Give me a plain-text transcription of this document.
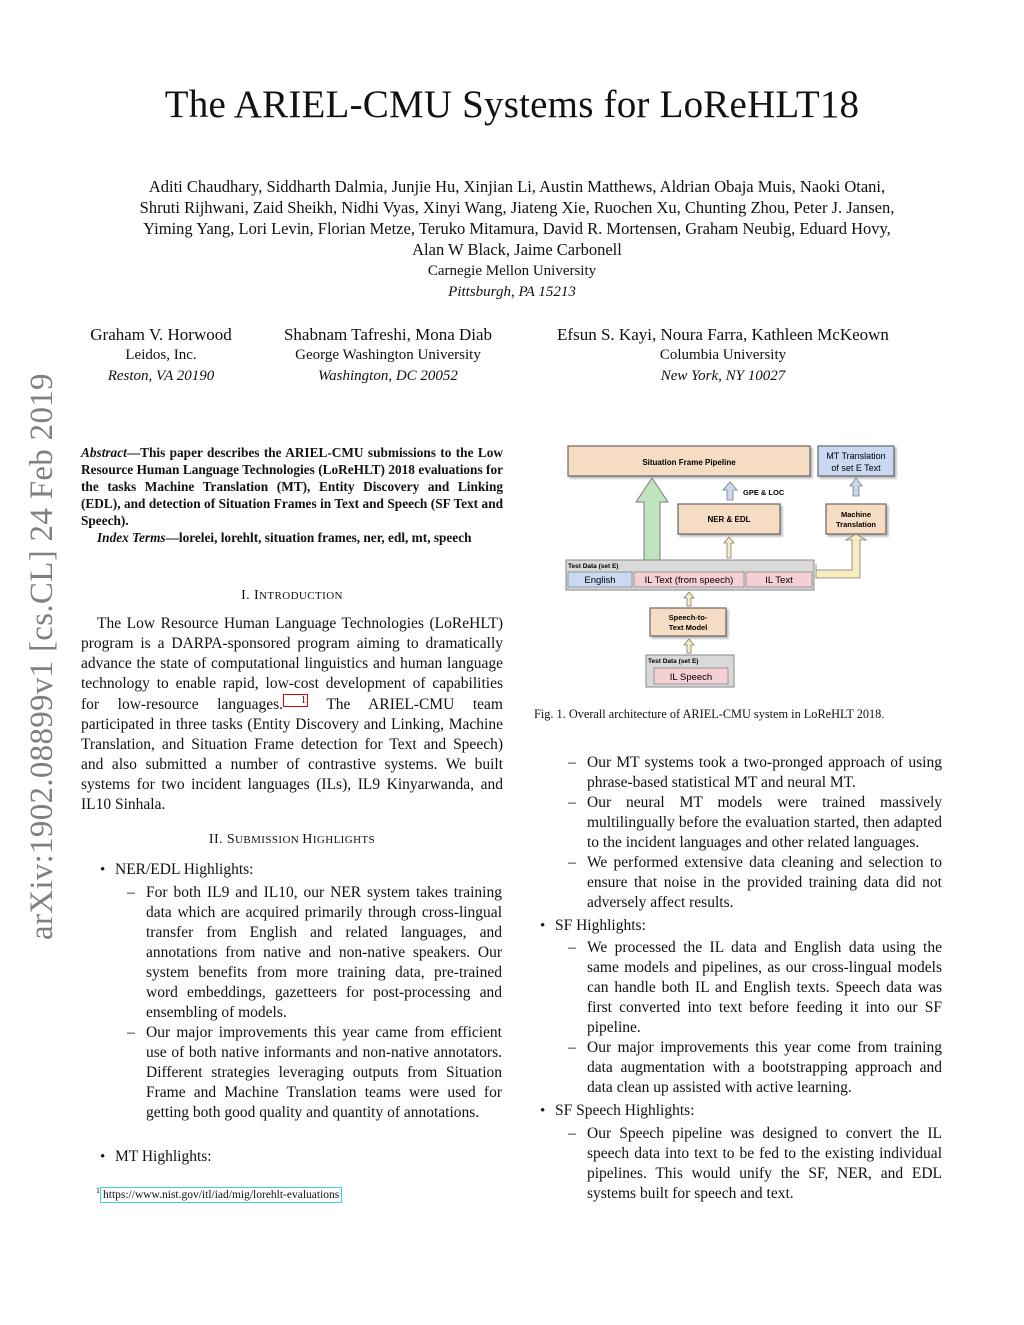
The ARIEL-CMU Systems for LoReHLT18
Aditi Chaudhary, Siddharth Dalmia, Junjie Hu, Xinjian Li, Austin Matthews, Aldrian Obaja Muis, Naoki Otani,
Shruti Rijhwani, Zaid Sheikh, Nidhi Vyas, Xinyi Wang, Jiateng Xie, Ruochen Xu, Chunting Zhou, Peter J. Jansen,
Yiming Yang, Lori Levin, Florian Metze, Teruko Mitamura, David R. Mortensen, Graham Neubig, Eduard Hovy,
Alan W Black, Jaime Carbonell
Carnegie Mellon University
Pittsburgh, PA 15213
Graham V. Horwood
Leidos, Inc.
Reston, VA 20190
Shabnam Tafreshi, Mona Diab
George Washington University
Washington, DC 20052
Efsun S. Kayi, Noura Farra, Kathleen McKeown
Columbia University
New York, NY 10027
arXiv:1902.08899v1 [cs.CL] 24 Feb 2019 Abstract—This paper describes the ARIEL-CMU submissions to the Low Resource Human Language Technologies (LoReHLT) 2018 evaluations for the tasks Machine Translation (MT), Entity Discovery and Linking (EDL), and detection of Situation Frames in Text and Speech (SF Text and Speech).
Index Terms—lorelei, lorehlt, situation frames, ner, edl, mt, speech
I. INTRODUCTION
The Low Resource Human Language Technologies (LoReHLT) program is a DARPA-sponsored program aiming to dramatically advance the state of computational linguistics and human language technology to enable rapid, low-cost development of capabilities for low-resource languages. 1 The ARIEL-CMU team participated in three tasks (Entity Discovery and Linking, Machine Translation, and Situation Frame detection for Text and Speech) and also submitted a number of contrastive systems. We built systems for two incident languages (ILs), IL9 Kinyarwanda, and IL10 Sinhala.
II. SUBMISSION HIGHLIGHTS
• NER/EDL Highlights:
– For both IL9 and IL10, our NER system takes training data which are acquired primarily through cross-lingual transfer from English and related languages, and annotations from native and non-native speakers. Our system benefits from more training data, pre-trained word embeddings, gazetteers for post-processing and ensembling of models.
– Our major improvements this year came from efficient use of both native informants and non-native annotators. Different strategies leveraging outputs from Situation Frame and Machine Translation teams were used for getting both good quality and quantity of annotations.
• MT Highlights:
$^1$ https://www.nist.gov/itl/iad/mig/lorehlt-evaluations
Situation Frame Pipeline
MT Translation
of set E Text
GPE & LOC
NER & EDL
Machine
Translation
Test Data (set E)
English	IL Text (from speech)	IL Text
Speech-to-
Text Model
Test Data (set E)
IL Speech
Fig. 1. Overall architecture of ARIEL-CMU system in LoReHLT 2018.
– Our MT systems took a two-pronged approach of using phrase-based statistical MT and neural MT.
– Our neural MT models were trained massively multilingually before the evaluation started, then adapted to the incident languages and other related languages.
– We performed extensive data cleaning and selection to ensure that noise in the provided training data did not adversely affect results.
• SF Highlights:
– We processed the IL data and English data using the same models and pipelines, as our cross-lingual models can handle both IL and English texts. Speech data was first converted into text before feeding it into our SF pipeline.
– Our major improvements this year come from training data augmentation with a bootstrapping approach and data clean up assisted with active learning.
• SF Speech Highlights:
– Our Speech pipeline was designed to convert the IL speech data into text to be fed to the existing individual pipelines. This would unify the SF, NER, and EDL systems built for speech and text.
